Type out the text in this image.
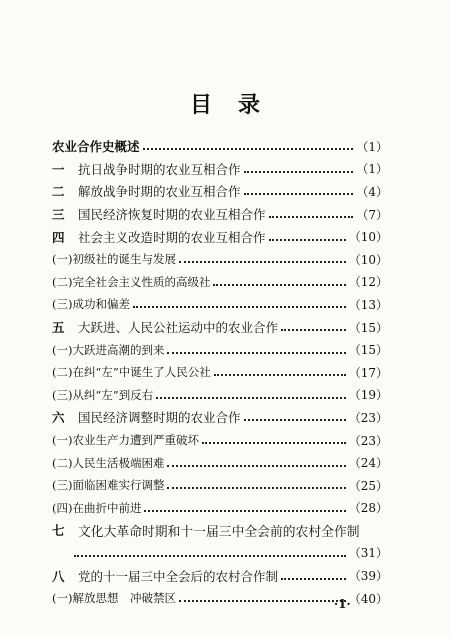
目录
农业合作史概述	（1）
一	抗日战争时期的农业互相合作	（1）
二	解放战争时期的农业互相合作	（4）
三	国民经济恢复时期的农业互相合作	（7）
四	社会主义改造时期的农业互相合作	（10）
(一)初级社的诞生与发展	（10）
(二)完全社会主义性质的高级社	（12）
(三)成功和偏差	（13）
五	大跃进、人民公社运动中的农业合作	（15）
(一)大跃进高潮的到来	（15）
(二)在纠“左”中诞生了人民公社	（17）
(三)从纠“左”到反右	（19）
六	国民经济调整时期的农业合作	（23）
(一)农业生产力遭到严重破坏	（23）
(二)人民生活极端困难	（24）
(三)面临困难实行调整	（25）
(四)在曲折中前进	（28）
七	文化大革命时期和十一届三中全会前的农村全作制
（31）
八	党的十一届三中全会后的农村合作制	（39）
(一)解放思想　冲破禁区	（40）
·1·
